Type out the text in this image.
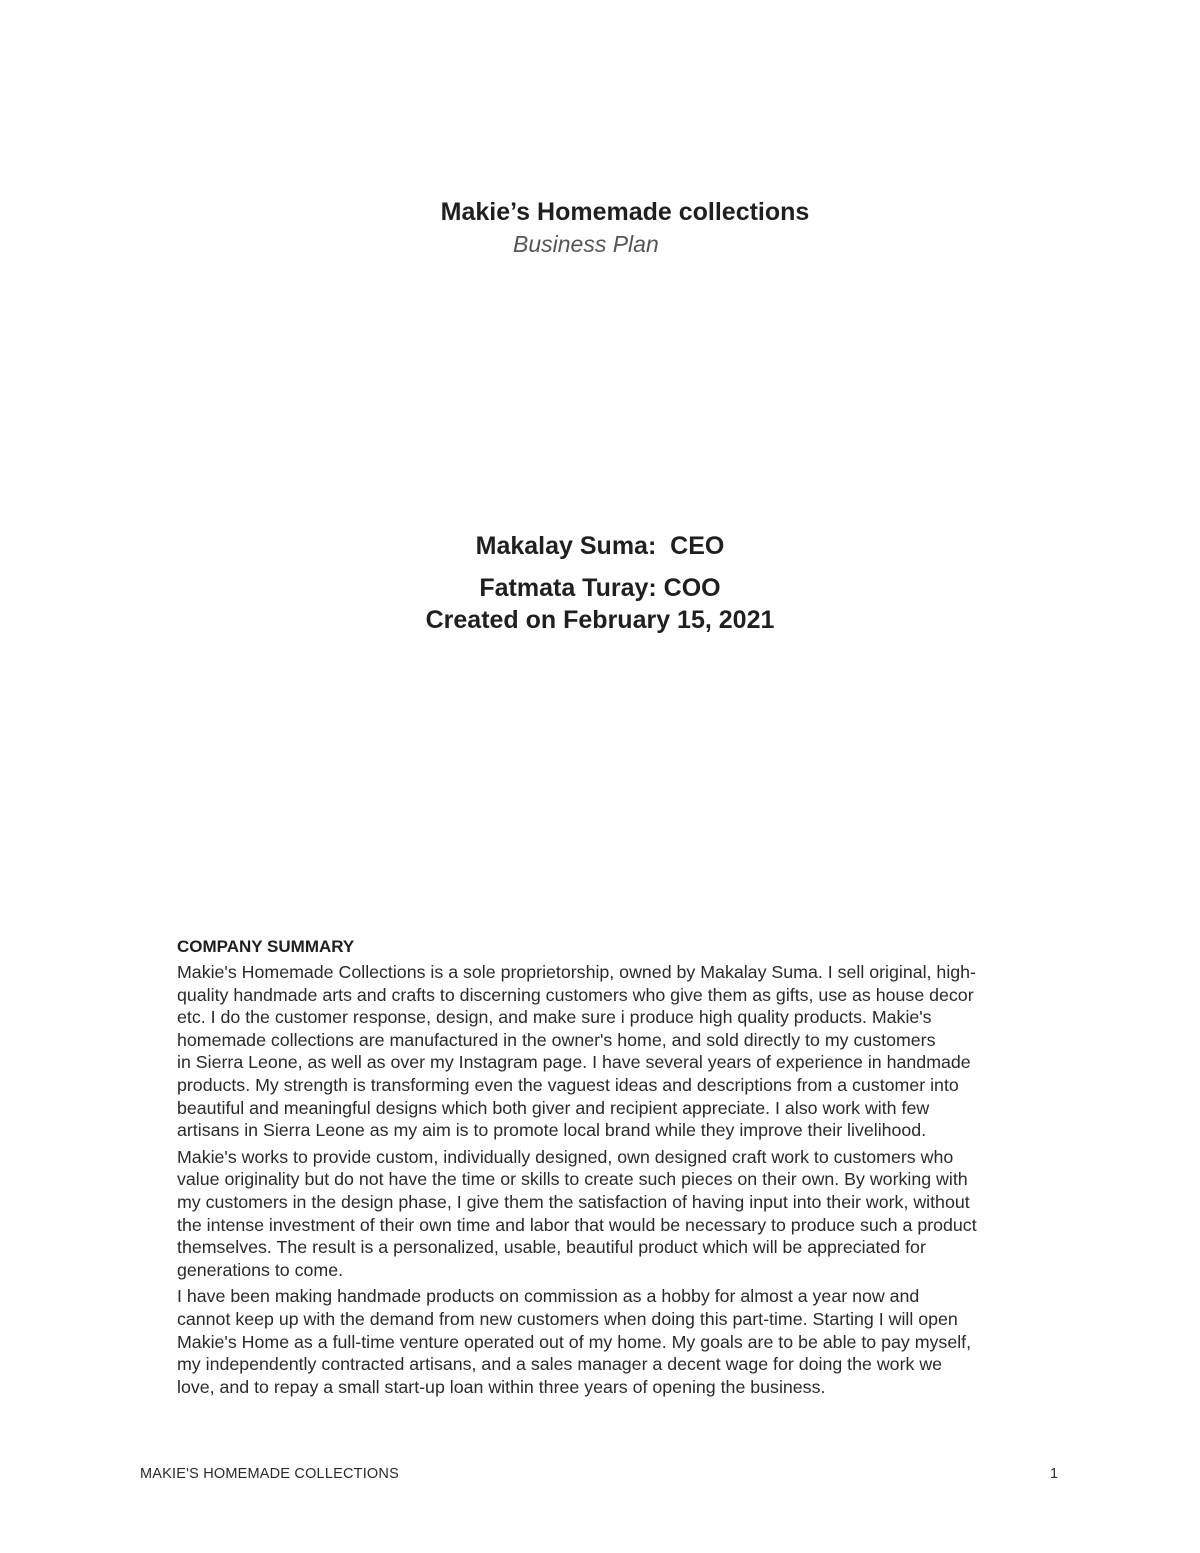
Makie’s Homemade collections
Business Plan
Makalay Suma:  CEO
Fatmata Turay: COO
Created on February 15, 2021
COMPANY SUMMARY
Makie's Homemade Collections is a sole proprietorship, owned by Makalay Suma. I sell original, high-
quality handmade arts and crafts to discerning customers who give them as gifts, use as house decor
etc. I do the customer response, design, and make sure i produce high quality products. Makie's
homemade collections are manufactured in the owner's home, and sold directly to my customers
in Sierra Leone, as well as over my Instagram page. I have several years of experience in handmade
products. My strength is transforming even the vaguest ideas and descriptions from a customer into
beautiful and meaningful designs which both giver and recipient appreciate. I also work with few
artisans in Sierra Leone as my aim is to promote local brand while they improve their livelihood.
Makie's works to provide custom, individually designed, own designed craft work to customers who
value originality but do not have the time or skills to create such pieces on their own. By working with
my customers in the design phase, I give them the satisfaction of having input into their work, without
the intense investment of their own time and labor that would be necessary to produce such a product
themselves. The result is a personalized, usable, beautiful product which will be appreciated for
generations to come.
I have been making handmade products on commission as a hobby for almost a year now and
cannot keep up with the demand from new customers when doing this part-time. Starting I will open
Makie's Home as a full-time venture operated out of my home. My goals are to be able to pay myself,
my independently contracted artisans, and a sales manager a decent wage for doing the work we
love, and to repay a small start-up loan within three years of opening the business.
MAKIE'S HOMEMADE COLLECTIONS	1
